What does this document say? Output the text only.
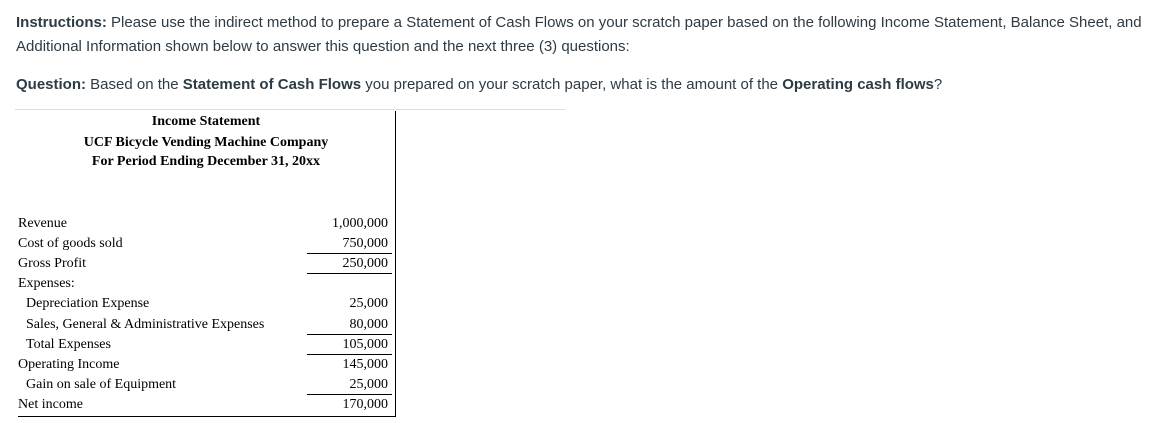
Instructions: Please use the indirect method to prepare a Statement of Cash Flows on your scratch paper based on the following Income Statement, Balance Sheet, and Additional Information shown below to answer this question and the next three (3) questions:

Question: Based on the Statement of Cash Flows you prepared on your scratch paper, what is the amount of the Operating cash flows?

Income Statement
UCF Bicycle Vending Machine Company
For Period Ending December 31, 20xx
Revenue	1,000,000
Cost of goods sold	750,000
Gross Profit	250,000
Expenses:
Depreciation Expense	25,000
Sales, General & Administrative Expenses	80,000
Total Expenses	105,000
Operating Income	145,000
Gain on sale of Equipment	25,000
Net income	170,000
